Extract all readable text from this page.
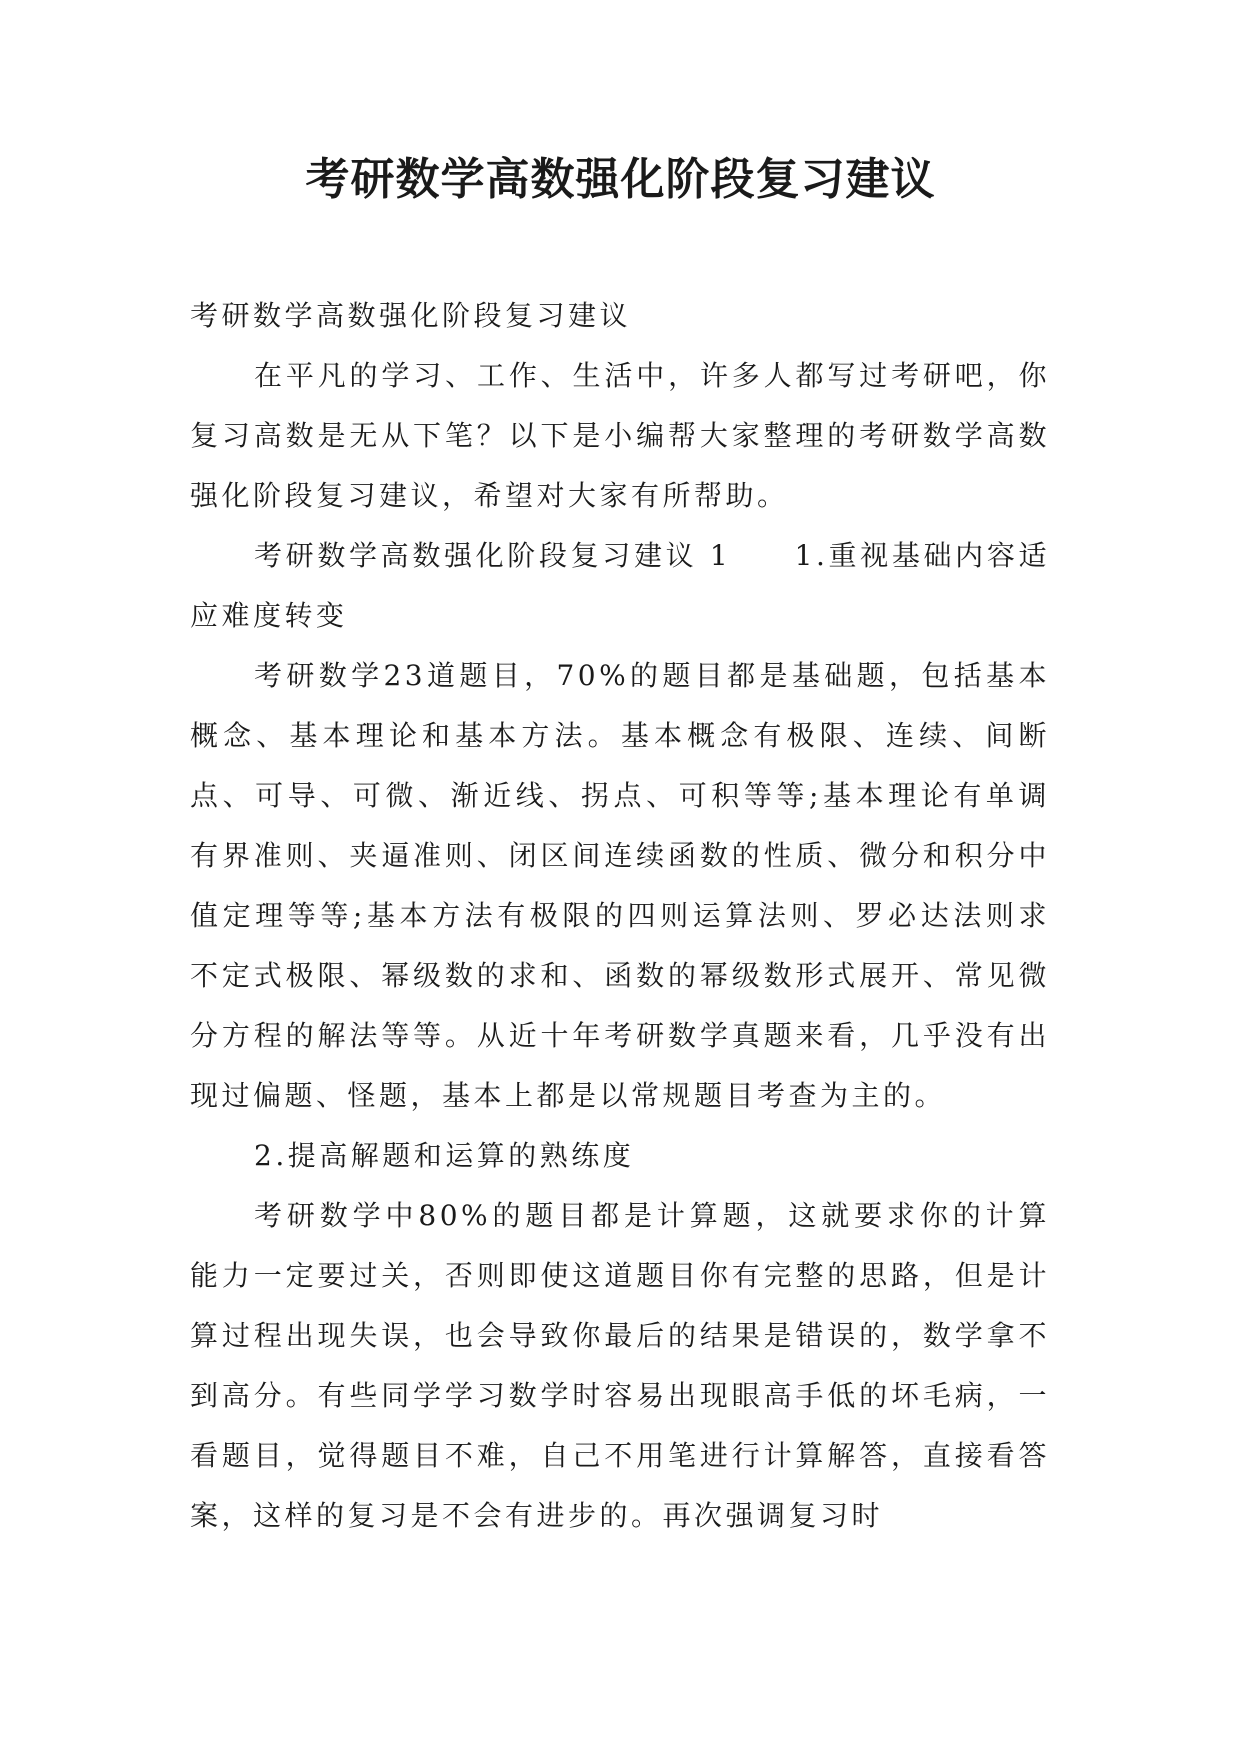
考研数学高数强化阶段复习建议

考研数学高数强化阶段复习建议

在平凡的学习、工作、生活中，许多人都写过考研吧，你复习高数是无从下笔？以下是小编帮大家整理的考研数学高数强化阶段复习建议，希望对大家有所帮助。

考研数学高数强化阶段复习建议 1　　1.重视基础内容适应难度转变

考研数学23道题目，70%的题目都是基础题，包括基本概念、基本理论和基本方法。基本概念有极限、连续、间断点、可导、可微、渐近线、拐点、可积等等;基本理论有单调有界准则、夹逼准则、闭区间连续函数的性质、微分和积分中值定理等等;基本方法有极限的四则运算法则、罗必达法则求不定式极限、幂级数的求和、函数的幂级数形式展开、常见微分方程的解法等等。从近十年考研数学真题来看，几乎没有出现过偏题、怪题，基本上都是以常规题目考查为主的。

2.提高解题和运算的熟练度

考研数学中80%的题目都是计算题，这就要求你的计算能力一定要过关，否则即使这道题目你有完整的思路，但是计算过程出现失误，也会导致你最后的结果是错误的，数学拿不到高分。有些同学学习数学时容易出现眼高手低的坏毛病，一看题目，觉得题目不难，自己不用笔进行计算解答，直接看答案，这样的复习是不会有进步的。再次强调复习时
